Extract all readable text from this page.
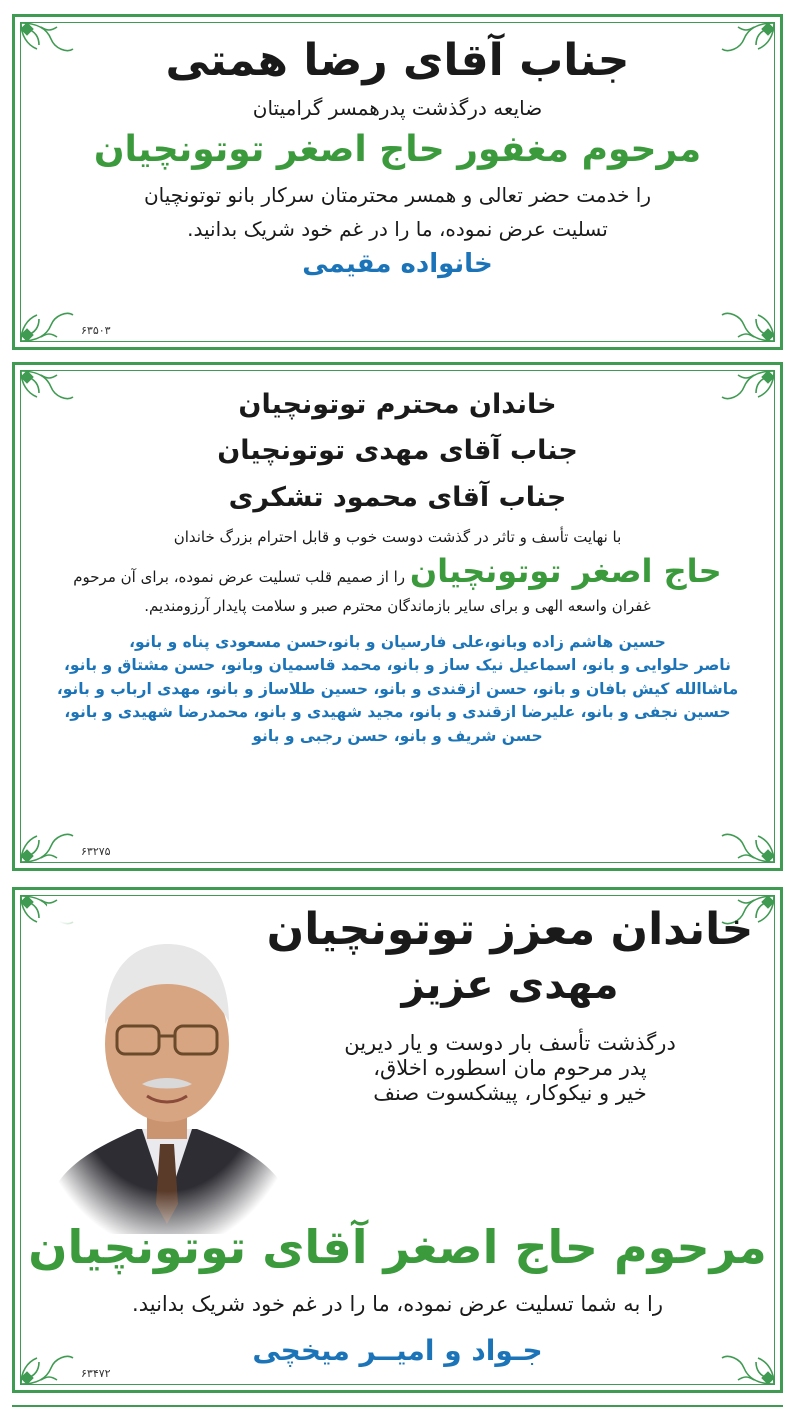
جناب آقای رضا همتی

ضایعه درگذشت پدرهمسر گرامیتان

مرحوم مغفور حاج اصغر توتونچیان

را خدمت حضر تعالی و همسر محترمتان سرکار بانو توتونچیان

تسلیت عرض نموده، ما را در غم خود شریک بدانید.

خانواده مقیمی

۶۳۵۰۳

خاندان محترم توتونچیان

جناب آقای مهدی توتونچیان

جناب آقای محمود تشکری

با نهایت تأسف و تاثر در گذشت دوست خوب و قابل احترام بزرگ خاندان

حاج اصغر توتونچیان را از صمیم قلب تسلیت عرض نموده، برای آن مرحوم

غفران واسعه الهی و برای سایر بازماندگان محترم صبر و سلامت پایدار آرزومندیم.

حسین هاشم زاده وبانو،علی فارسیان و بانو،حسن مسعودی پناه و بانو،

ناصر حلوایی و بانو، اسماعیل نیک ساز و بانو، محمد قاسمیان وبانو، حسن مشتاق و بانو،

ماشاالله کیش بافان و بانو، حسن ازقندی و بانو، حسین طلاساز و بانو، مهدی ارباب و بانو،

حسین نجفی و بانو، علیرضا ازقندی و بانو، مجید شهیدی و بانو، محمدرضا شهیدی و بانو،

حسن شریف و بانو، حسن رجبی و بانو

۶۳۲۷۵

خاندان معزز توتونچیان

مهدی عزیز

درگذشت تأسف بار دوست و یار دیرین

پدر مرحوم مان اسطوره اخلاق،

خیر و نیکوکار، پیشکسوت صنف

مرحوم حاج اصغر آقای توتونچیان

را به شما تسلیت عرض نموده، ما را در غم خود شریک بدانید.

جـواد و امیــر میخچی

۶۳۴۷۲
